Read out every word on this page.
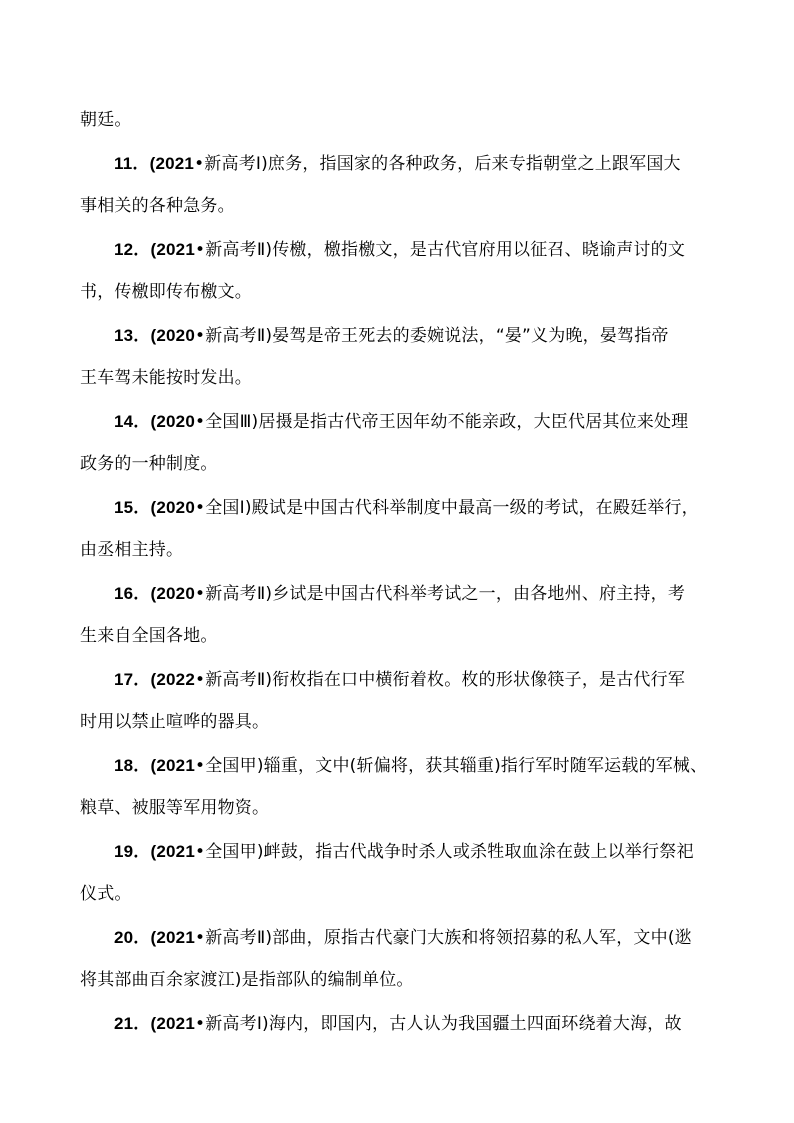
朝廷。
11．(2021•新高考Ⅰ)庶务，指国家的各种政务，后来专指朝堂之上跟军国大
事相关的各种急务。
12．(2021•新高考Ⅱ)传檄，檄指檄文，是古代官府用以征召、晓谕声讨的文
书，传檄即传布檄文。
13．(2020•新高考Ⅱ)晏驾是帝王死去的委婉说法，“晏”义为晚，晏驾指帝
王车驾未能按时发出。
14．(2020•全国Ⅲ)居摄是指古代帝王因年幼不能亲政，大臣代居其位来处理
政务的一种制度。
15．(2020•全国Ⅰ)殿试是中国古代科举制度中最高一级的考试，在殿廷举行，
由丞相主持。
16．(2020•新高考Ⅱ)乡试是中国古代科举考试之一，由各地州、府主持，考
生来自全国各地。
17．(2022•新高考Ⅱ)衔枚指在口中横衔着枚。枚的形状像筷子，是古代行军
时用以禁止喧哗的器具。
18．(2021•全国甲)辎重，文中(斩偏将，获其辎重)指行军时随军运载的军械、
粮草、被服等军用物资。
19．(2021•全国甲)衅鼓，指古代战争时杀人或杀牲取血涂在鼓上以举行祭祀
仪式。
20．(2021•新高考Ⅱ)部曲，原指古代豪门大族和将领招募的私人军，文中(逖
将其部曲百余家渡江)是指部队的编制单位。
21．(2021•新高考Ⅰ)海内，即国内，古人认为我国疆土四面环绕着大海，故
